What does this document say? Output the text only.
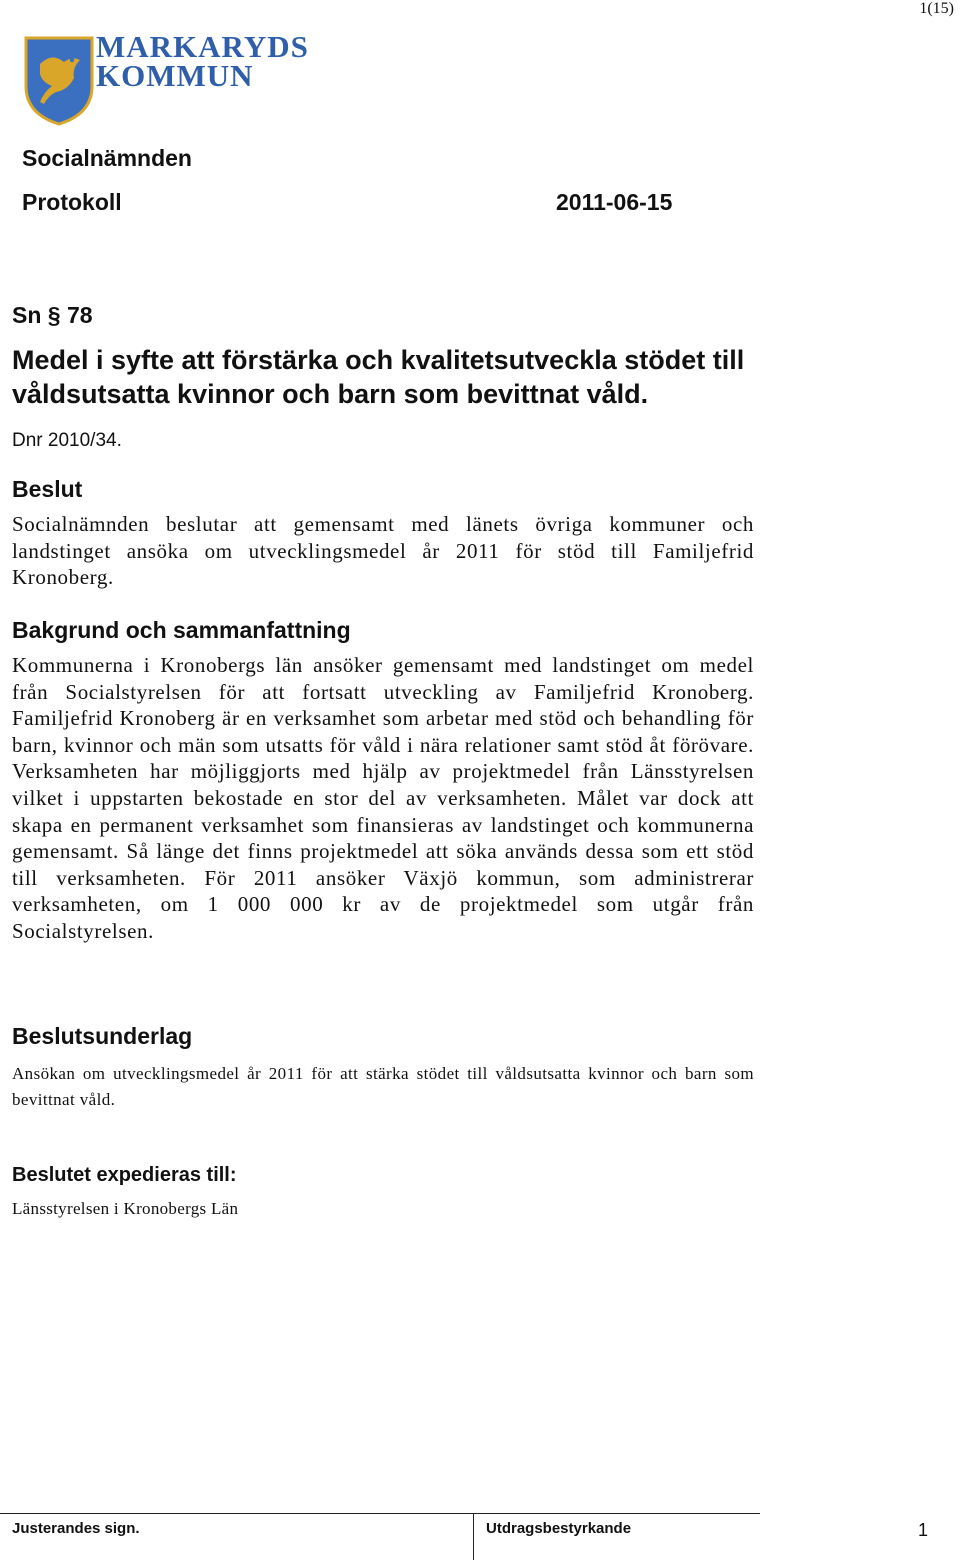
1(15)
MARKARYDS
KOMMUN
Socialnämnden
Protokoll	2011-06-15
Sn § 78
Medel i syfte att förstärka och kvalitetsutveckla stödet till våldsutsatta kvinnor och barn som bevittnat våld.
Dnr 2010/34.
Beslut
Socialnämnden beslutar att gemensamt med länets övriga kommuner och landstinget ansöka om utvecklingsmedel år 2011 för stöd till Familjefrid Kronoberg.
Bakgrund och sammanfattning
Kommunerna i Kronobergs län ansöker gemensamt med landstinget om medel från Socialstyrelsen för att fortsatt utveckling av Familjefrid Kronoberg. Familjefrid Kronoberg är en verksamhet som arbetar med stöd och behandling för barn, kvinnor och män som utsatts för våld i nära relationer samt stöd åt förövare. Verksamheten har möjliggjorts med hjälp av projektmedel från Länsstyrelsen vilket i uppstarten bekostade en stor del av verksamheten. Målet var dock att skapa en permanent verksamhet som finansieras av landstinget och kommunerna gemensamt. Så länge det finns projektmedel att söka används dessa som ett stöd till verksamheten. För 2011 ansöker Växjö kommun, som administrerar verksamheten, om 1 000 000 kr av de projektmedel som utgår från Socialstyrelsen.
Beslutsunderlag
Ansökan om utvecklingsmedel år 2011 för att stärka stödet till våldsutsatta kvinnor och barn som bevittnat våld.
Beslutet expedieras till:
Länsstyrelsen i Kronobergs Län
Justerandes sign.	Utdragsbestyrkande	1
